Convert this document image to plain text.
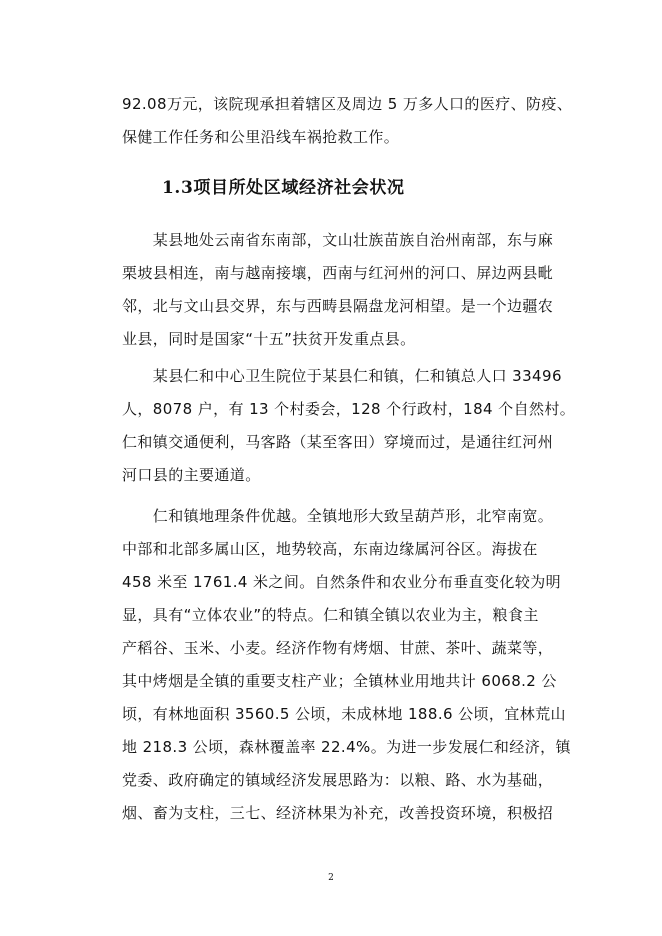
92.08万元，该院现承担着辖区及周边 5 万多人口的医疗、防疫、
保健工作任务和公里沿线车祸抢救工作。
1.3项目所处区域经济社会状况
　　某县地处云南省东南部，文山壮族苗族自治州南部，东与麻
栗坡县相连，南与越南接壤，西南与红河州的河口、屏边两县毗
邻，北与文山县交界，东与西畴县隔盘龙河相望。是一个边疆农
业县，同时是国家“十五”扶贫开发重点县。
　　某县仁和中心卫生院位于某县仁和镇，仁和镇总人口 33496
人，8078 户，有 13 个村委会，128 个行政村，184 个自然村。
仁和镇交通便利，马客路（某至客田）穿境而过，是通往红河州
河口县的主要通道。
　　仁和镇地理条件优越。全镇地形大致呈葫芦形，北窄南宽。
中部和北部多属山区，地势较高，东南边缘属河谷区。海拔在
458 米至 1761.4 米之间。自然条件和农业分布垂直变化较为明
显，具有“立体农业”的特点。仁和镇全镇以农业为主，粮食主
产稻谷、玉米、小麦。经济作物有烤烟、甘蔗、茶叶、蔬菜等，
其中烤烟是全镇的重要支柱产业；全镇林业用地共计 6068.2 公
顷，有林地面积 3560.5 公顷，未成林地 188.6 公顷，宜林荒山
地 218.3 公顷，森林覆盖率 22.4%。为进一步发展仁和经济，镇
党委、政府确定的镇域经济发展思路为：以粮、路、水为基础，
烟、畜为支柱，三七、经济林果为补充，改善投资环境，积极招
2
